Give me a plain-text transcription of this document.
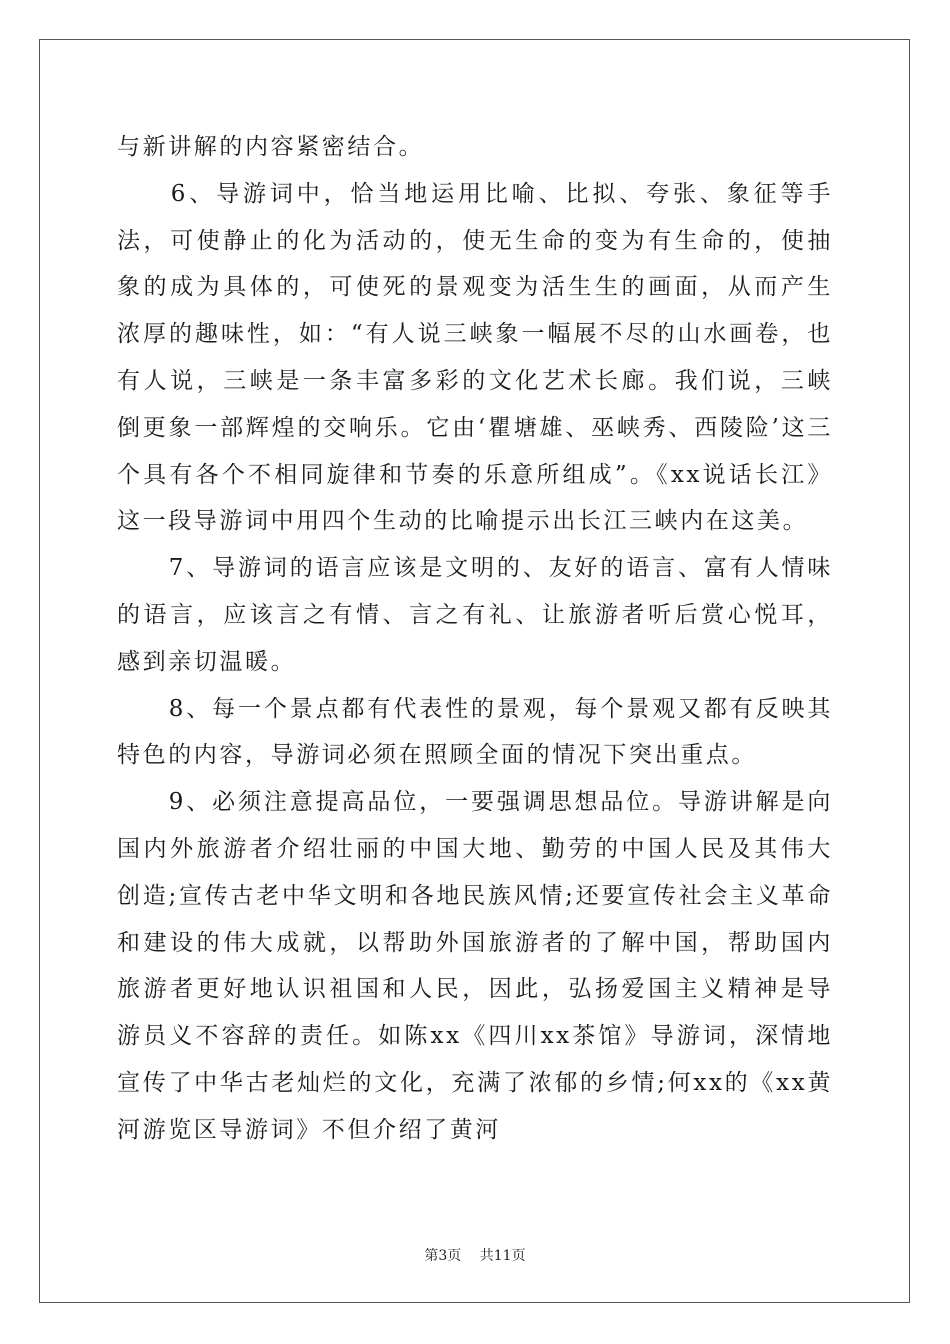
与新讲解的内容紧密结合。

　　6、导游词中，恰当地运用比喻、比拟、夸张、象征等手法，可使静止的化为活动的，使无生命的变为有生命的，使抽象的成为具体的，可使死的景观变为活生生的画面，从而产生浓厚的趣味性，如：“有人说三峡象一幅展不尽的山水画卷，也有人说，三峡是一条丰富多彩的文化艺术长廊。我们说，三峡倒更象一部辉煌的交响乐。它由‘瞿塘雄、巫峡秀、西陵险’这三个具有各个不相同旋律和节奏的乐意所组成”。《xx说话长江》这一段导游词中用四个生动的比喻提示出长江三峡内在这美。

　　7、导游词的语言应该是文明的、友好的语言、富有人情味的语言，应该言之有情、言之有礼、让旅游者听后赏心悦耳，感到亲切温暖。

　　8、每一个景点都有代表性的景观，每个景观又都有反映其特色的内容，导游词必须在照顾全面的情况下突出重点。

　　9、必须注意提高品位，一要强调思想品位。导游讲解是向国内外旅游者介绍壮丽的中国大地、勤劳的中国人民及其伟大创造;宣传古老中华文明和各地民族风情;还要宣传社会主义革命和建设的伟大成就，以帮助外国旅游者的了解中国，帮助国内旅游者更好地认识祖国和人民，因此，弘扬爱国主义精神是导游员义不容辞的责任。如陈xx《四川xx茶馆》导游词，深情地宣传了中华古老灿烂的文化，充满了浓郁的乡情;何xx的《xx黄河游览区导游词》不但介绍了黄河

第3页 共11页
